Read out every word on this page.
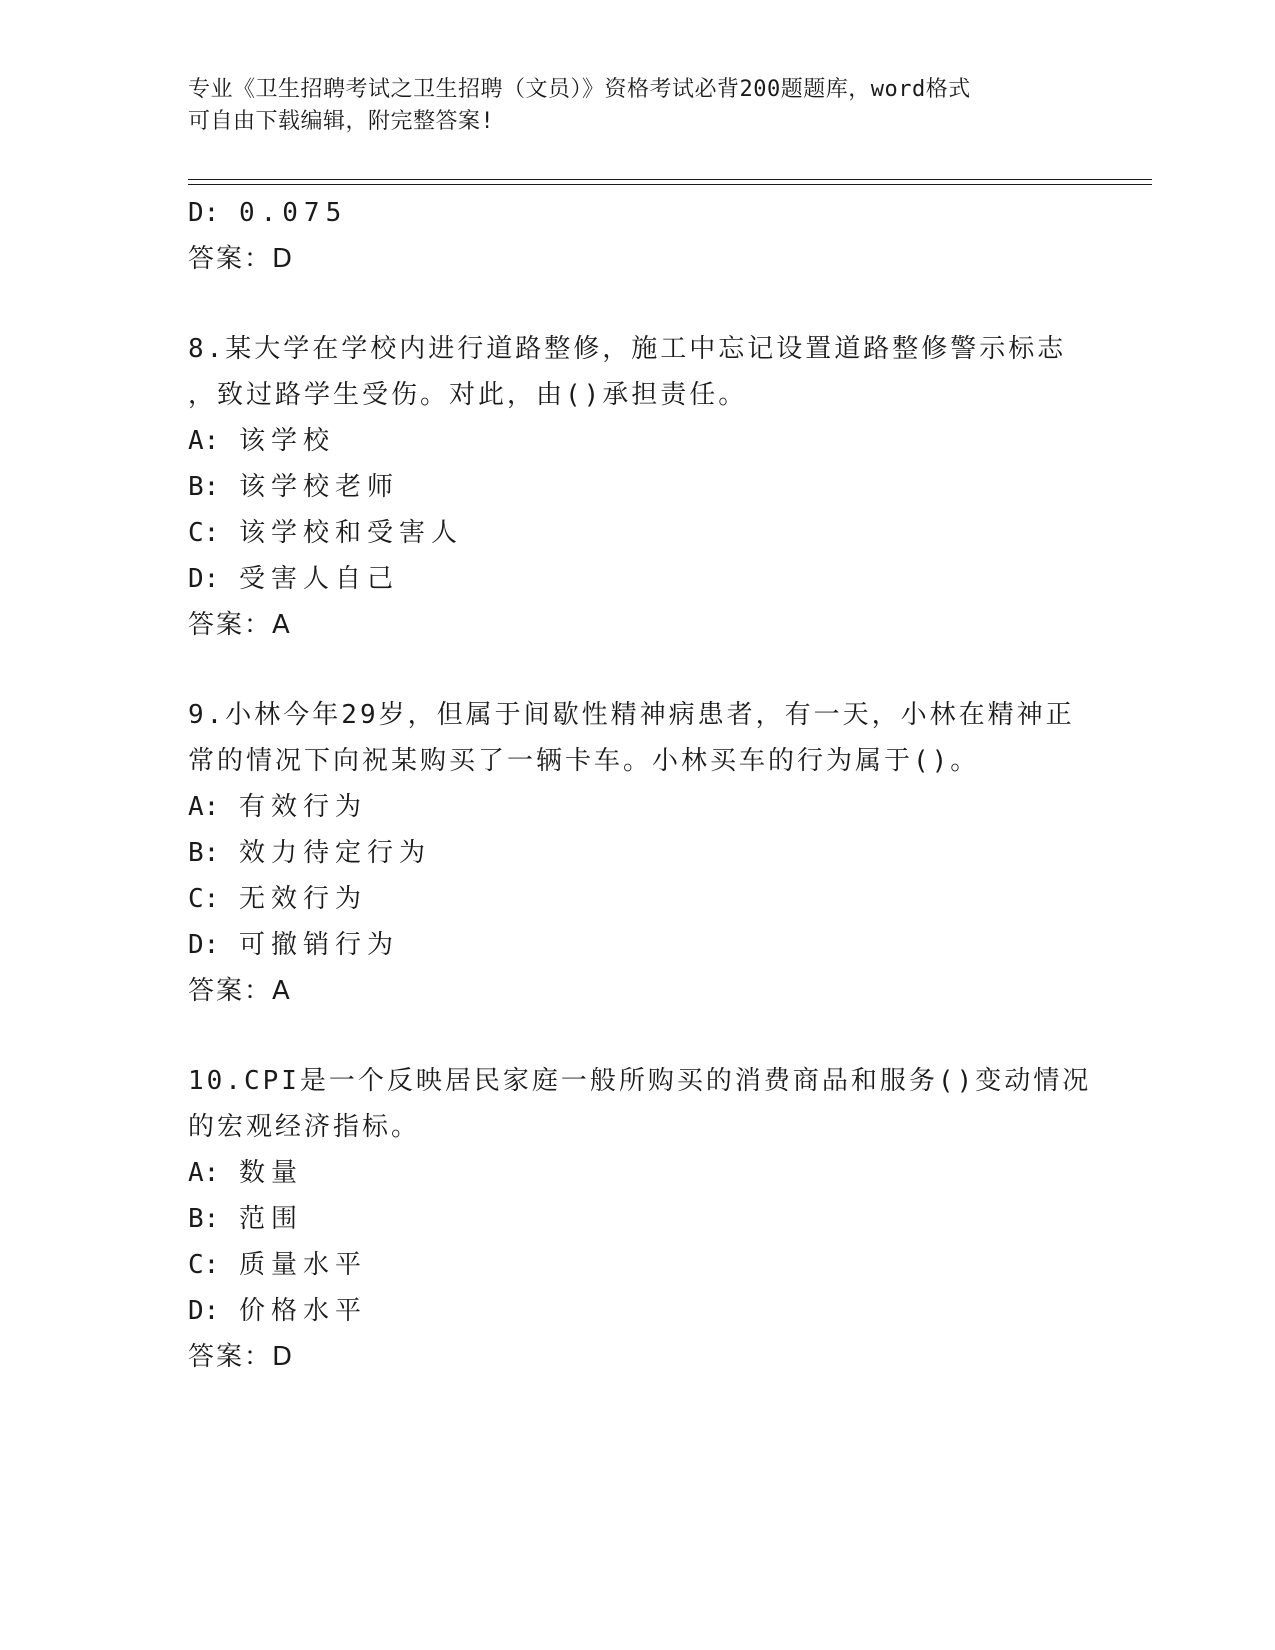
专业《卫生招聘考试之卫生招聘（文员）》资格考试必背200题题库，word格式
可自由下载编辑，附完整答案!
D: 0.075
答案：D
8.某大学在学校内进行道路整修，施工中忘记设置道路整修警示标志
，致过路学生受伤。对此，由()承担责任。
A: 该学校
B: 该学校老师
C: 该学校和受害人
D: 受害人自己
答案：A
9.小林今年29岁，但属于间歇性精神病患者，有一天，小林在精神正
常的情况下向祝某购买了一辆卡车。小林买车的行为属于()。
A: 有效行为
B: 效力待定行为
C: 无效行为
D: 可撤销行为
答案：A
10.CPI是一个反映居民家庭一般所购买的消费商品和服务()变动情况
的宏观经济指标。
A: 数量
B: 范围
C: 质量水平
D: 价格水平
答案：D
